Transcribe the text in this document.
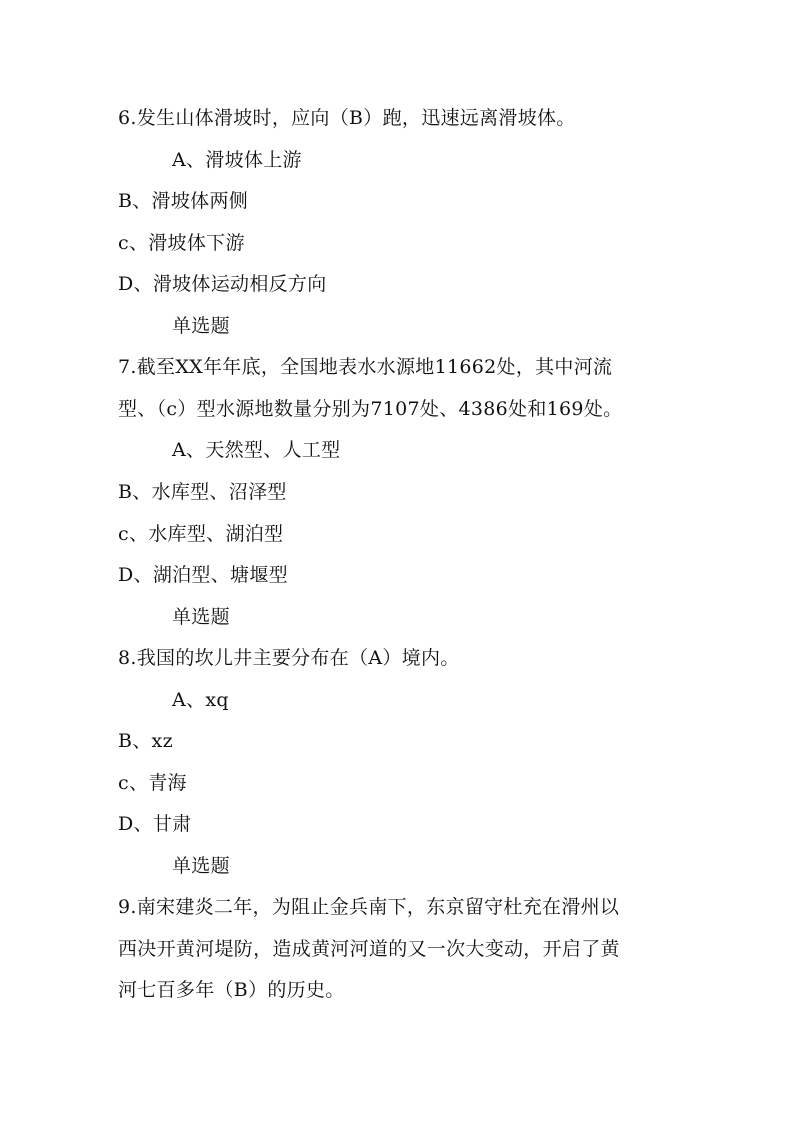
6.发生山体滑坡时，应向（B）跑，迅速远离滑坡体。
A、滑坡体上游
B、滑坡体两侧
c、滑坡体下游
D、滑坡体运动相反方向
单选题
7.截至XX年年底，全国地表水水源地11662处，其中河流
型、（c）型水源地数量分别为7107处、4386处和169处。
A、天然型、人工型
B、水库型、沼泽型
c、水库型、湖泊型
D、湖泊型、塘堰型
单选题
8.我国的坎儿井主要分布在（A）境内。
A、xq
B、xz
c、青海
D、甘肃
单选题
9.南宋建炎二年，为阻止金兵南下，东京留守杜充在滑州以
西决开黄河堤防，造成黄河河道的又一次大变动，开启了黄
河七百多年（B）的历史。
